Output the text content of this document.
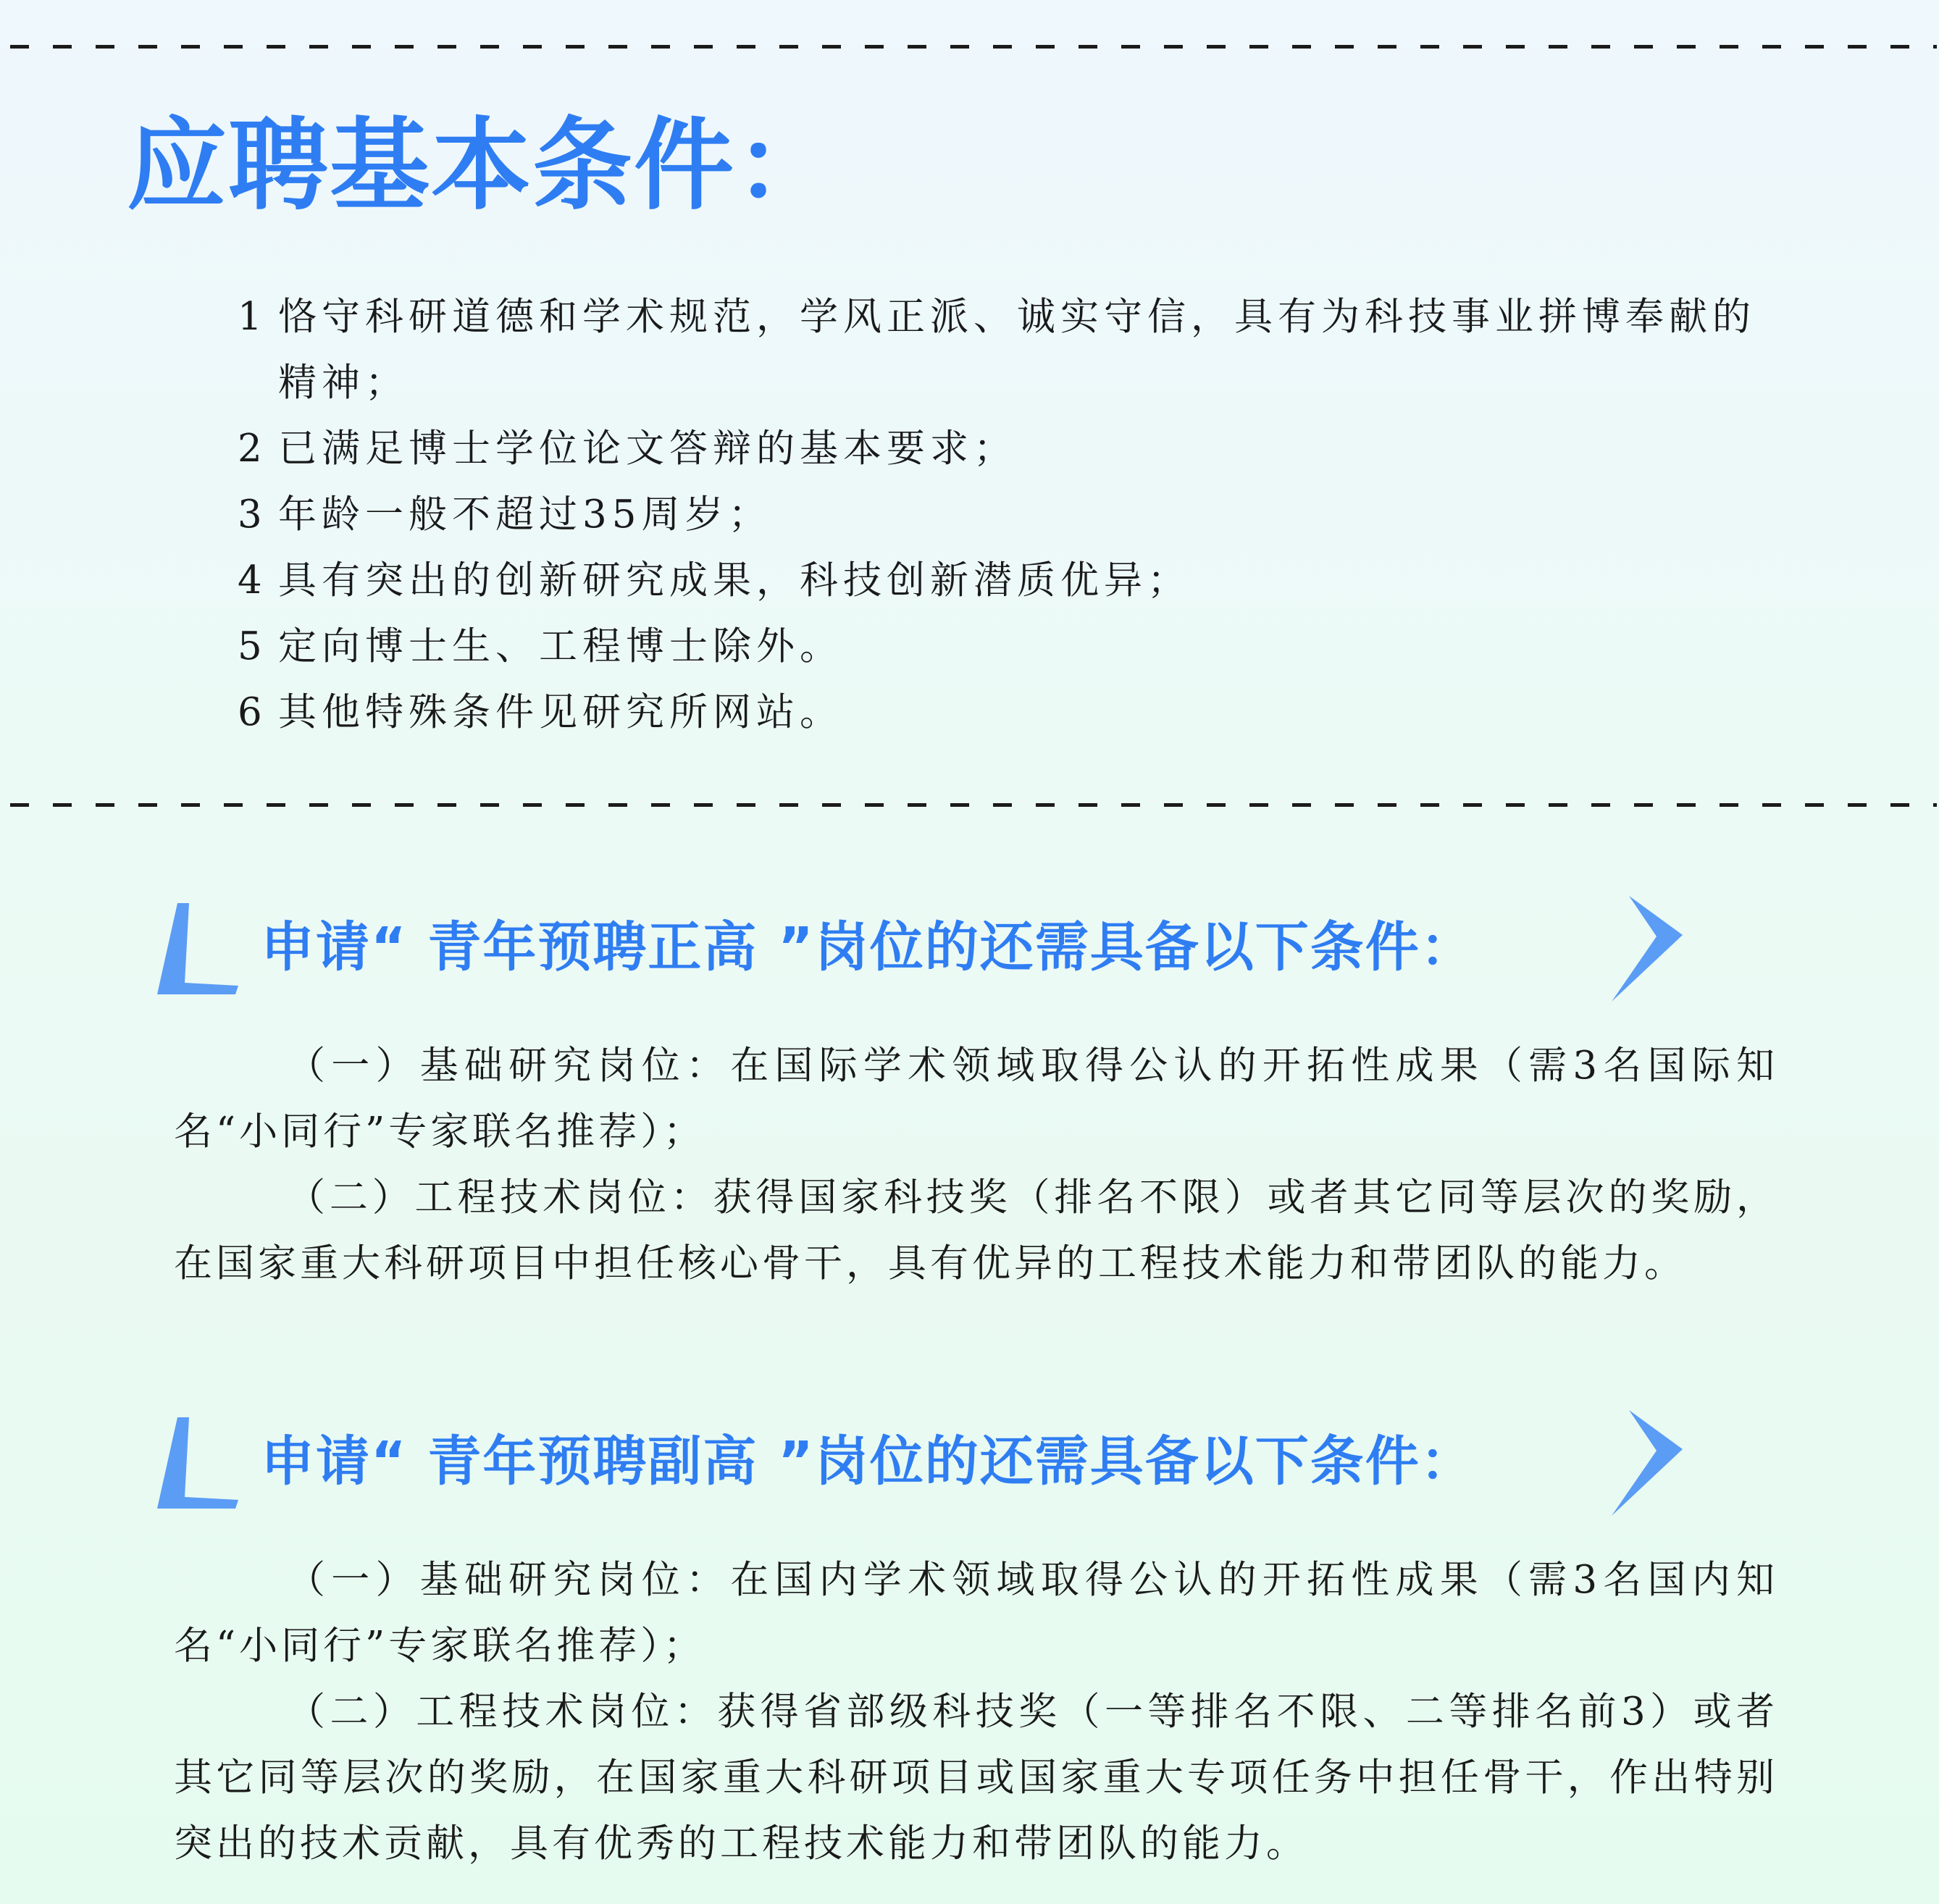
应聘基本条件：
1 恪守科研道德和学术规范，学风正派、诚实守信，具有为科技事业拼博奉献的精神；
2 已满足博士学位论文答辩的基本要求；
3 年龄一般不超过35周岁；
4 具有突出的创新研究成果，科技创新潜质优异；
5 定向博士生、工程博士除外。
6 其他特殊条件见研究所网站。
申请“ 青年预聘正高 ”岗位的还需具备以下条件：

（一）基础研究岗位：在国际学术领域取得公认的开拓性成果（需3名国际知名“小同行”专家联名推荐）；

（二）工程技术岗位：获得国家科技奖（排名不限）或者其它同等层次的奖励，在国家重大科研项目中担任核心骨干，具有优异的工程技术能力和带团队的能力。

申请“ 青年预聘副高 ”岗位的还需具备以下条件：

（一）基础研究岗位：在国内学术领域取得公认的开拓性成果（需3名国内知名“小同行”专家联名推荐）；

（二）工程技术岗位：获得省部级科技奖（一等排名不限、二等排名前3）或者其它同等层次的奖励，在国家重大科研项目或国家重大专项任务中担任骨干，作出特别突出的技术贡献，具有优秀的工程技术能力和带团队的能力。
